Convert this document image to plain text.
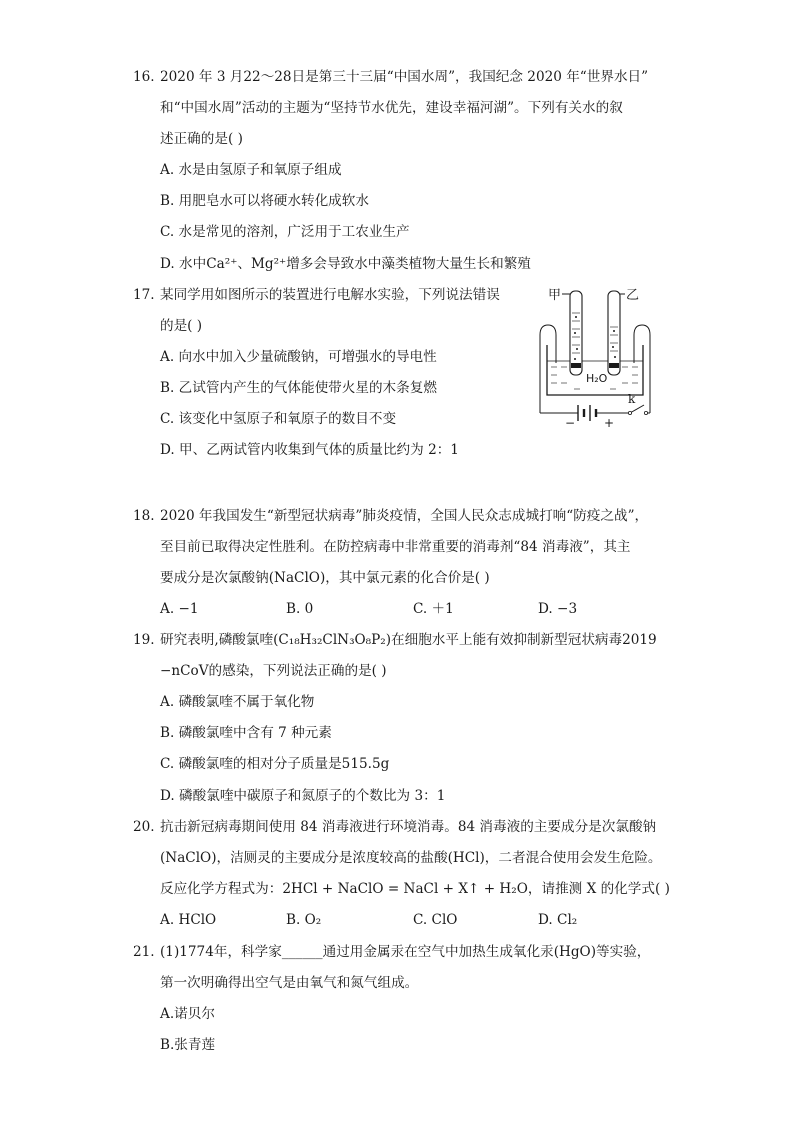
16. 2020 年 3 月22～28日是第三十三届“中国水周”，我国纪念 2020 年“世界水日”
和“中国水周”活动的主题为“坚持节水优先，建设幸福河湖”。下列有关水的叙
述正确的是( )
A. 水是由氢原子和氧原子组成
B. 用肥皂水可以将硬水转化成软水
C. 水是常见的溶剂，广泛用于工农业生产
D. 水中Ca²⁺、Mg²⁺增多会导致水中藻类植物大量生长和繁殖
17. 某同学用如图所示的装置进行电解水实验，下列说法错误
的是( )
A. 向水中加入少量硫酸钠，可增强水的导电性
B. 乙试管内产生的气体能使带火星的木条复燃
C. 该变化中氢原子和氧原子的数目不变
D. 甲、乙两试管内收集到气体的质量比约为 2：1
甲	乙
H₂O
k
− +
18. 2020 年我国发生“新型冠状病毒”肺炎疫情，全国人民众志成城打响“防疫之战”，
至目前已取得决定性胜利。在防控病毒中非常重要的消毒剂“84 消毒液”，其主
要成分是次氯酸钠(NaClO)，其中氯元素的化合价是( )
A. −1	B. 0	C. ＋1	D. −3
19. 研究表明,磷酸氯喹(C₁₈H₃₂ClN₃O₈P₂)在细胞水平上能有效抑制新型冠状病毒2019
−nCoV的感染，下列说法正确的是( )
A. 磷酸氯喹不属于氧化物
B. 磷酸氯喹中含有 7 种元素
C. 磷酸氯喹的相对分子质量是515.5g
D. 磷酸氯喹中碳原子和氮原子的个数比为 3：1
20. 抗击新冠病毒期间使用 84 消毒液进行环境消毒。84 消毒液的主要成分是次氯酸钠
(NaClO)，洁厕灵的主要成分是浓度较高的盐酸(HCl)，二者混合使用会发生危险。
反应化学方程式为：2HCl + NaClO = NaCl + X↑ + H₂O，请推测 X 的化学式( )
A. HClO	B. O₂	C. ClO	D. Cl₂
21. (1)1774年，科学家______通过用金属汞在空气中加热生成氧化汞(HgO)等实验，
第一次明确得出空气是由氧气和氮气组成。
A.诺贝尔
B.张青莲
